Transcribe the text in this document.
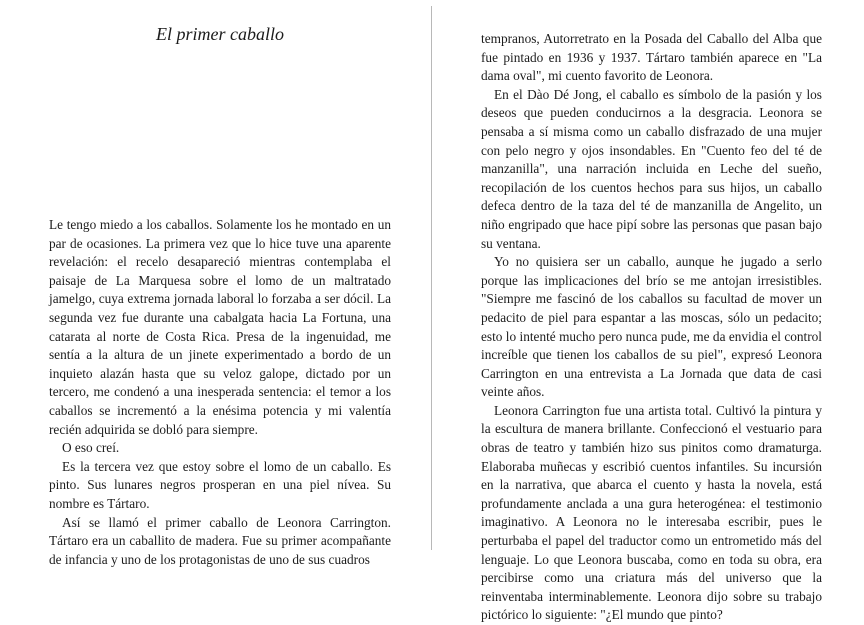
El primer caballo

Le tengo miedo a los caballos. Solamente los he montado en un par de ocasiones. La primera vez que lo hice tuve una aparente revelación: el recelo desapareció mientras contemplaba el paisaje de La Marquesa sobre el lomo de un maltratado jamelgo, cuya extrema jornada laboral lo forzaba a ser dócil. La segunda vez fue durante una cabalgata hacia La Fortuna, una catarata al norte de Costa Rica. Presa de la ingenuidad, me sentía a la altura de un jinete experimentado a bordo de un inquieto alazán hasta que su veloz galope, dictado por un tercero, me condenó a una inesperada sentencia: el temor a los caballos se incrementó a la enésima potencia y mi valentía recién adquirida se dobló para siempre.

O eso creí.

Es la tercera vez que estoy sobre el lomo de un caballo. Es pinto. Sus lunares negros prosperan en una piel nívea. Su nombre es Tártaro.

Así se llamó el primer caballo de Leonora Carrington. Tártaro era un caballito de madera. Fue su primer acompañante de infancia y uno de los protagonistas de uno de sus cuadros

tempranos, Autorretrato en la Posada del Caballo del Alba que fue pintado en 1936 y 1937. Tártaro también aparece en "La dama oval", mi cuento favorito de Leonora.

En el Dào Dé Jong, el caballo es símbolo de la pasión y los deseos que pueden conducirnos a la desgracia. Leonora se pensaba a sí misma como un caballo disfrazado de una mujer con pelo negro y ojos insondables. En "Cuento feo del té de manzanilla", una narración incluida en Leche del sueño, recopilación de los cuentos hechos para sus hijos, un caballo defeca dentro de la taza del té de manzanilla de Angelito, un niño engripado que hace pipí sobre las personas que pasan bajo su ventana.

Yo no quisiera ser un caballo, aunque he jugado a serlo porque las implicaciones del brío se me antojan irresistibles. "Siempre me fascinó de los caballos su facultad de mover un pedacito de piel para espantar a las moscas, sólo un pedacito; esto lo intenté mucho pero nunca pude, me da envidia el control increíble que tienen los caballos de su piel", expresó Leonora Carrington en una entrevista a La Jornada que data de casi veinte años.

Leonora Carrington fue una artista total. Cultivó la pintura y la escultura de manera brillante. Confeccionó el vestuario para obras de teatro y también hizo sus pinitos como dramaturga. Elaboraba muñecas y escribió cuentos infantiles. Su incursión en la narrativa, que abarca el cuento y hasta la novela, está profundamente anclada a una gura heterogénea: el testimonio imaginativo. A Leonora no le interesaba escribir, pues le perturbaba el papel del traductor como un entrometido más del lenguaje. Lo que Leonora buscaba, como en toda su obra, era percibirse como una criatura más del universo que la reinventaba interminablemente. Leonora dijo sobre su trabajo pictórico lo siguiente: "¿El mundo que pinto?
